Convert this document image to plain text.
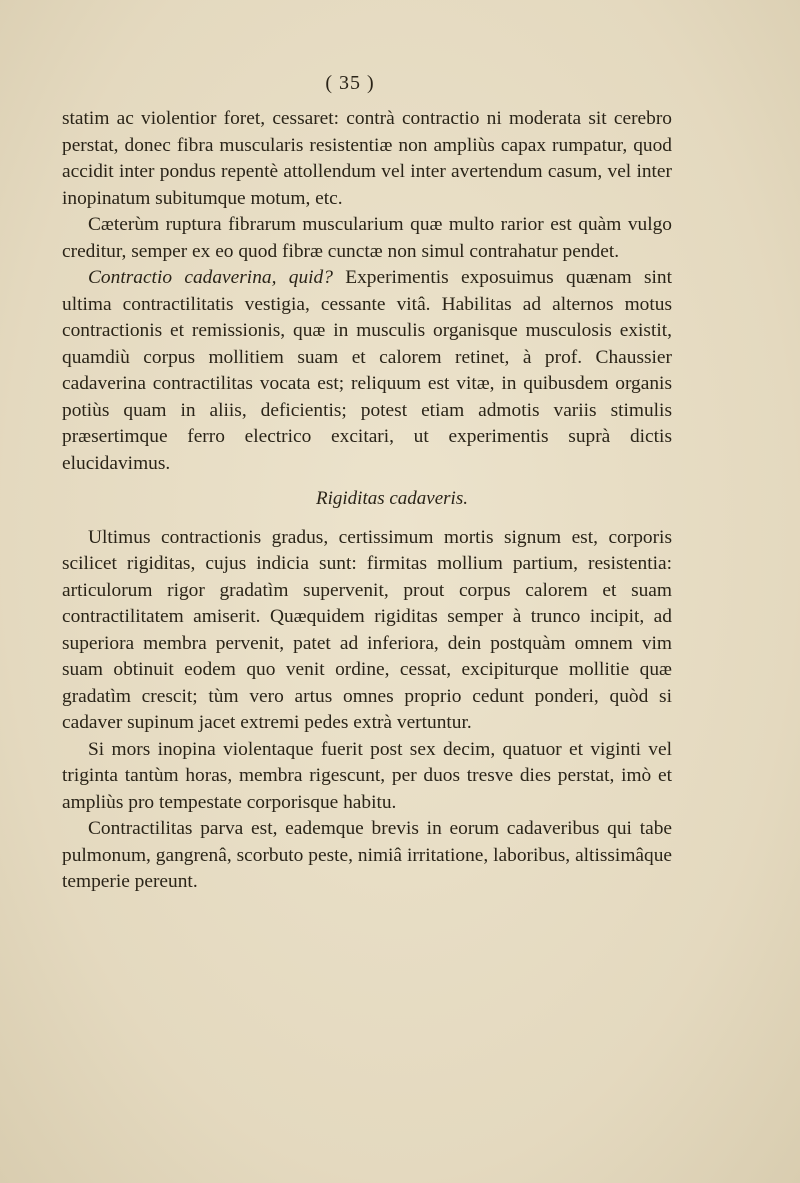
( 35 )

statim ac violentior foret, cessaret: contrà contractio ni moderata sit cerebro perstat, donec fibra muscularis resistentiæ non ampliùs capax rumpatur, quod accidit inter pondus repentè attollendum vel inter avertendum casum, vel inter inopinatum subitumque motum, etc.

Cæterùm ruptura fibrarum muscularium quæ multo rarior est quàm vulgo creditur, semper ex eo quod fibræ cunctæ non simul contrahatur pendet.

Contractio cadaverina, quid? Experimentis exposuimus quænam sint ultima contractilitatis vestigia, cessante vitâ. Habilitas ad alternos motus contractionis et remissionis, quæ in musculis organisque musculosis existit, quamdiù corpus mollitiem suam et calorem retinet, à prof. Chaussier cadaverina contractilitas vocata est; reliquum est vitæ, in quibusdem organis potiùs quam in aliis, deficientis; potest etiam admotis variis stimulis præsertimque ferro electrico excitari, ut experimentis suprà dictis elucidavimus.

Rigiditas cadaveris.

Ultimus contractionis gradus, certissimum mortis signum est, corporis scilicet rigiditas, cujus indicia sunt: firmitas mollium partium, resistentia: articulorum rigor gradatìm supervenit, prout corpus calorem et suam contractilitatem amiserit. Quæquidem rigiditas semper à trunco incipit, ad superiora membra pervenit, patet ad inferiora, dein postquàm omnem vim suam obtinuit eodem quo venit ordine, cessat, excipiturque mollitie quæ gradatìm crescit; tùm vero artus omnes proprio cedunt ponderi, quòd si cadaver supinum jacet extremi pedes extrà vertuntur.

Si mors inopina violentaque fuerit post sex decim, quatuor et viginti vel triginta tantùm horas, membra rigescunt, per duos tresve dies perstat, imò et ampliùs pro tempestate corporisque habitu.

Contractilitas parva est, eademque brevis in eorum cadaveribus qui tabe pulmonum, gangrenâ, scorbuto peste, nimiâ irritatione, laboribus, altissimâque temperie pereunt.
